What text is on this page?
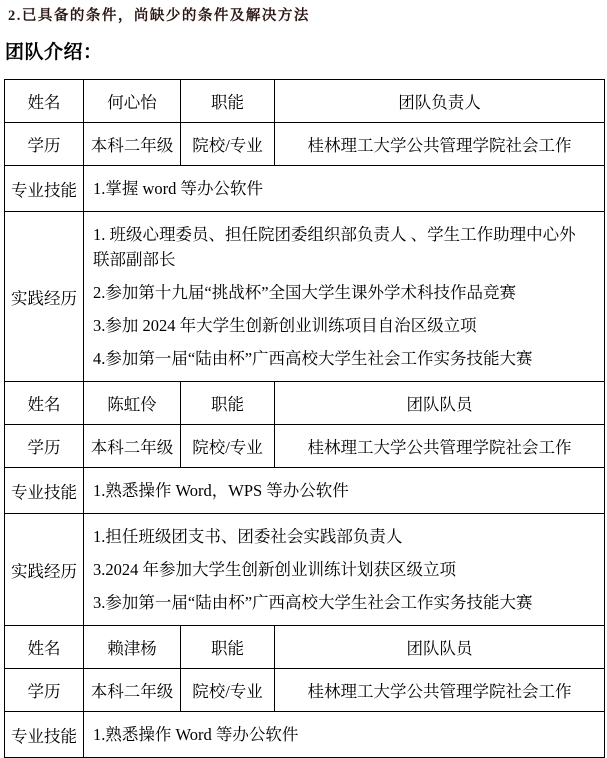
2.已具备的条件，尚缺少的条件及解决方法
团队介绍：
姓名	何心怡	职能	团队负责人
学历	本科二年级	院校/专业	桂林理工大学公共管理学院社会工作
专业技能	1.掌握 word 等办公软件		

实践经历	1. 班级心理委员、担任院团委组织部负责人 、学生工作助理中心外联部副部长
2.参加第十九届“挑战杯”全国大学生课外学术科技作品竞赛
3.参加 2024 年大学生创新创业训练项目自治区级立项
4.参加第一届“陆由杯”广西高校大学生社会工作实务技能大赛		

姓名	陈虹伶	职能	团队队员
学历	本科二年级	院校/专业	桂林理工大学公共管理学院社会工作
专业技能	1.熟悉操作 Word，WPS 等办公软件		

实践经历	1.担任班级团支书、团委社会实践部负责人
3.2024 年参加大学生创新创业训练计划获区级立项
3.参加第一届“陆由杯”广西高校大学生社会工作实务技能大赛		

姓名	赖津杨	职能	团队队员
学历	本科二年级	院校/专业	桂林理工大学公共管理学院社会工作
专业技能	1.熟悉操作 Word 等办公软件		
